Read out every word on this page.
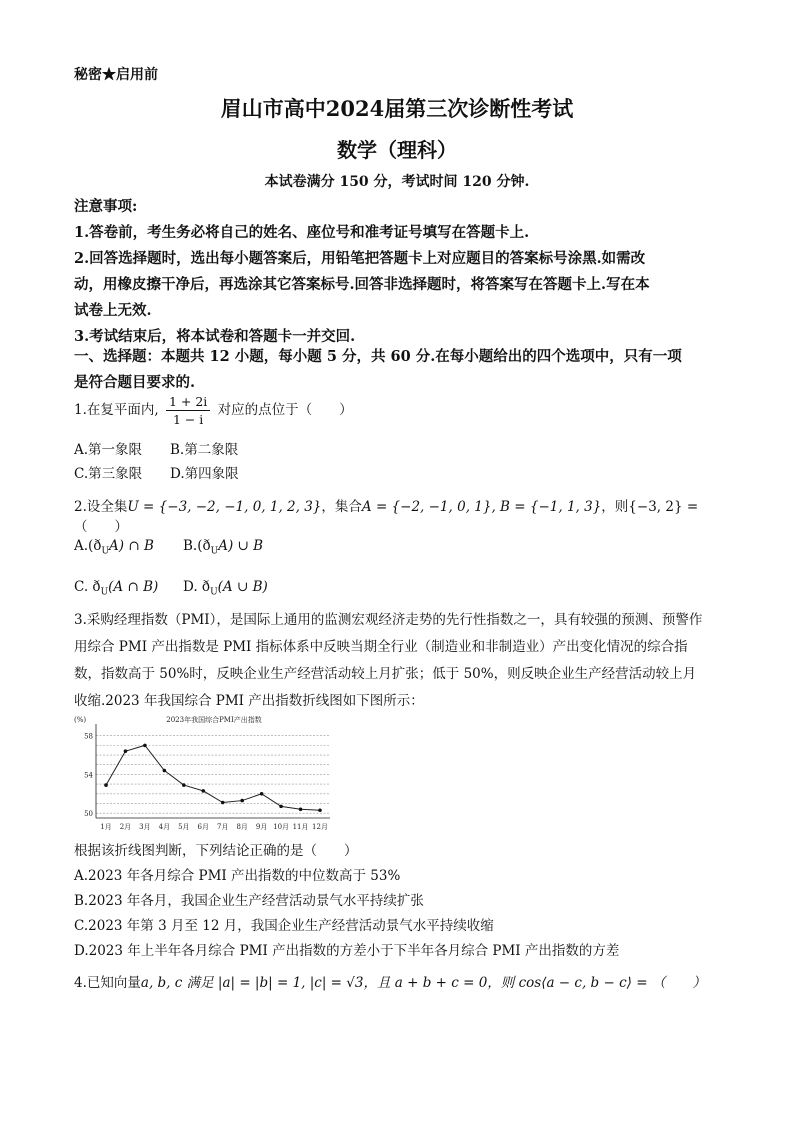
秘密★启用前
眉山市高中2024届第三次诊断性考试
数学（理科）
本试卷满分 150 分，考试时间 120 分钟.
注意事项:
1.答卷前，考生务必将自己的姓名、座位号和准考证号填写在答题卡上.
2.回答选择题时，选出每小题答案后，用铅笔把答题卡上对应题目的答案标号涂黑.如需改
动，用橡皮擦干净后，再选涂其它答案标号.回答非选择题时，将答案写在答题卡上.写在本
试卷上无效.
3.考试结束后，将本试卷和答题卡一并交回.
一、选择题：本题共 12 小题，每小题 5 分，共 60 分.在每小题给出的四个选项中，只有一项
是符合题目要求的.
1.在复平面内, $\frac{1 + 2i}{1 - i}$ 对应的点位于（　　）
A.第一象限 B.第二象限
C.第三象限 D.第四象限
2.设全集U = {−3, −2, −1, 0, 1, 2, 3}，集合A = {−2, −1, 0, 1}, B = {−1, 1, 3}，则{−3, 2} = （　　）
$A.(ð_UA)$ ∩ B $B.(ð_UA)$ ∪ B
C. $ð_U(A$ ∩ B) D. $ð_U(A$ ∪ B)
3.采购经理指数（PMI），是国际上通用的监测宏观经济走势的先行性指数之一，具有较强的预测、预警作
用综合 PMI 产出指数是 PMI 指标体系中反映当期全行业（制造业和非制造业）产出变化情况的综合指
数，指数高于 50%时，反映企业生产经营活动较上月扩张；低于 50%，则反映企业生产经营活动较上月
收缩.2023 年我国综合 PMI 产出指数折线图如下图所示：
50
54
58
(%)	2023年我国综合PMI产出指数
1月 2月 3月 4月 5月 6月 7月 8月 9月 10月 11月 12月
根据该折线图判断，下列结论正确的是（　　）
A.2023 年各月综合 PMI 产出指数的中位数高于 53%
B.2023 年各月，我国企业生产经营活动景气水平持续扩张
C.2023 年第 3 月至 12 月，我国企业生产经营活动景气水平持续收缩
D.2023 年上半年各月综合 PMI 产出指数的方差小于下半年各月综合 PMI 产出指数的方差
4.已知向量a, b, c 满足 |a| = |b| = 1, |c| = √3，且 a + b + c = 0，则 cos⟨a − c, b − c⟩ = （　　）
